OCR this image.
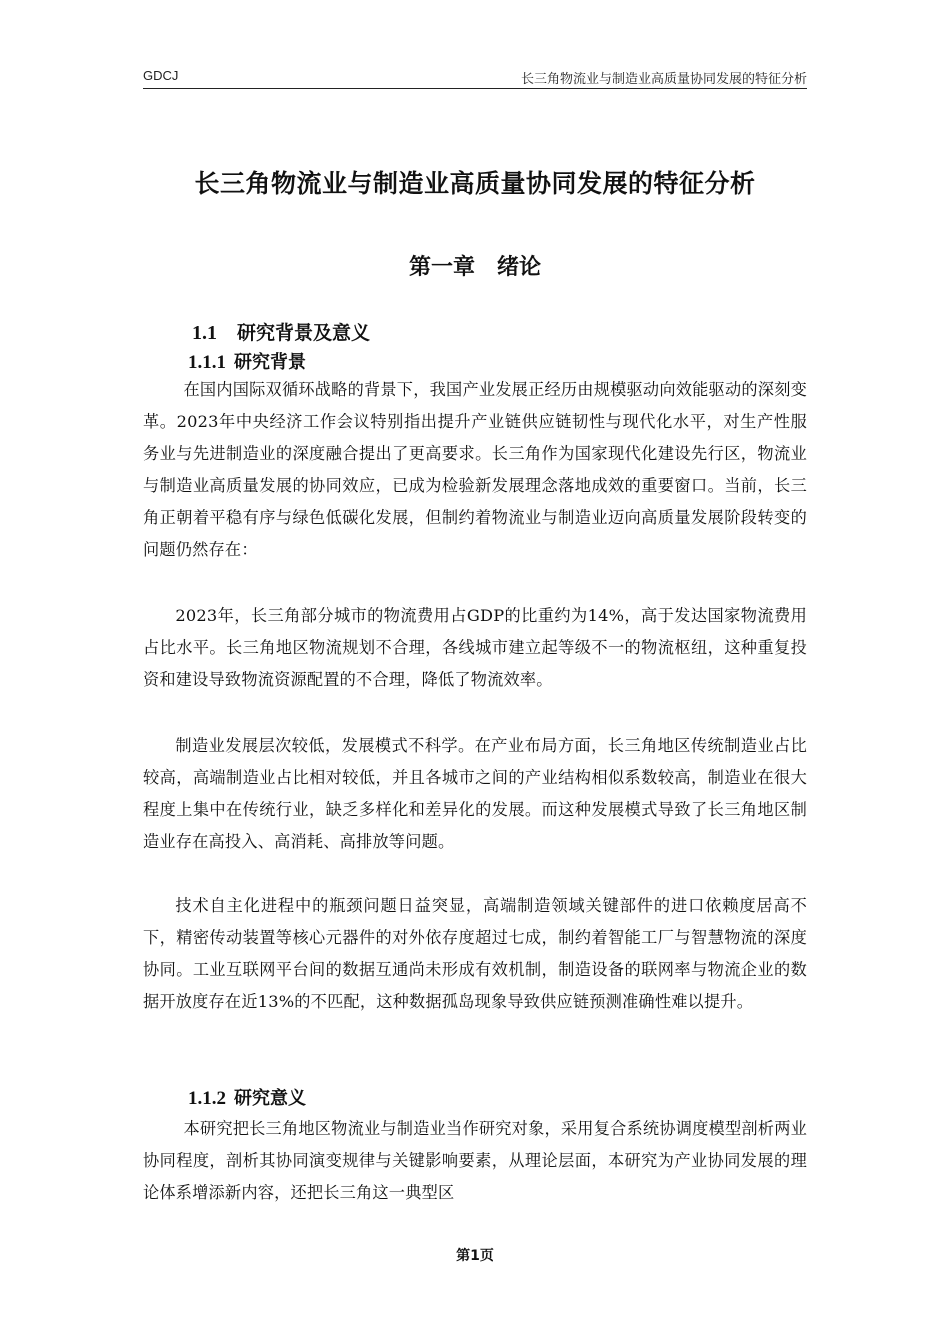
GDCJ	长三角物流业与制造业高质量协同发展的特征分析
长三角物流业与制造业高质量协同发展的特征分析
第一章　绪论
1.1 研究背景及意义
1.1.1 研究背景

在国内国际双循环战略的背景下，我国产业发展正经历由规模驱动向效能驱动的深刻变革。2023年中央经济工作会议特别指出提升产业链供应链韧性与现代化水平，对生产性服务业与先进制造业的深度融合提出了更高要求。长三角作为国家现代化建设先行区，物流业与制造业高质量发展的协同效应，已成为检验新发展理念落地成效的重要窗口。当前，长三角正朝着平稳有序与绿色低碳化发展，但制约着物流业与制造业迈向高质量发展阶段转变的问题仍然存在：

2023年，长三角部分城市的物流费用占GDP的比重约为14%，高于发达国家物流费用占比水平。长三角地区物流规划不合理，各线城市建立起等级不一的物流枢纽，这种重复投资和建设导致物流资源配置的不合理，降低了物流效率。

制造业发展层次较低，发展模式不科学。在产业布局方面，长三角地区传统制造业占比较高，高端制造业占比相对较低，并且各城市之间的产业结构相似系数较高，制造业在很大程度上集中在传统行业，缺乏多样化和差异化的发展。而这种发展模式导致了长三角地区制造业存在高投入、高消耗、高排放等问题。

技术自主化进程中的瓶颈问题日益突显，高端制造领域关键部件的进口依赖度居高不下，精密传动装置等核心元器件的对外依存度超过七成，制约着智能工厂与智慧物流的深度协同。工业互联网平台间的数据互通尚未形成有效机制，制造设备的联网率与物流企业的数据开放度存在近13%的不匹配，这种数据孤岛现象导致供应链预测准确性难以提升。

1.1.2 研究意义

本研究把长三角地区物流业与制造业当作研究对象，采用复合系统协调度模型剖析两业协同程度，剖析其协同演变规律与关键影响要素，从理论层面，本研究为产业协同发展的理论体系增添新内容，还把长三角这一典型区

第1页
